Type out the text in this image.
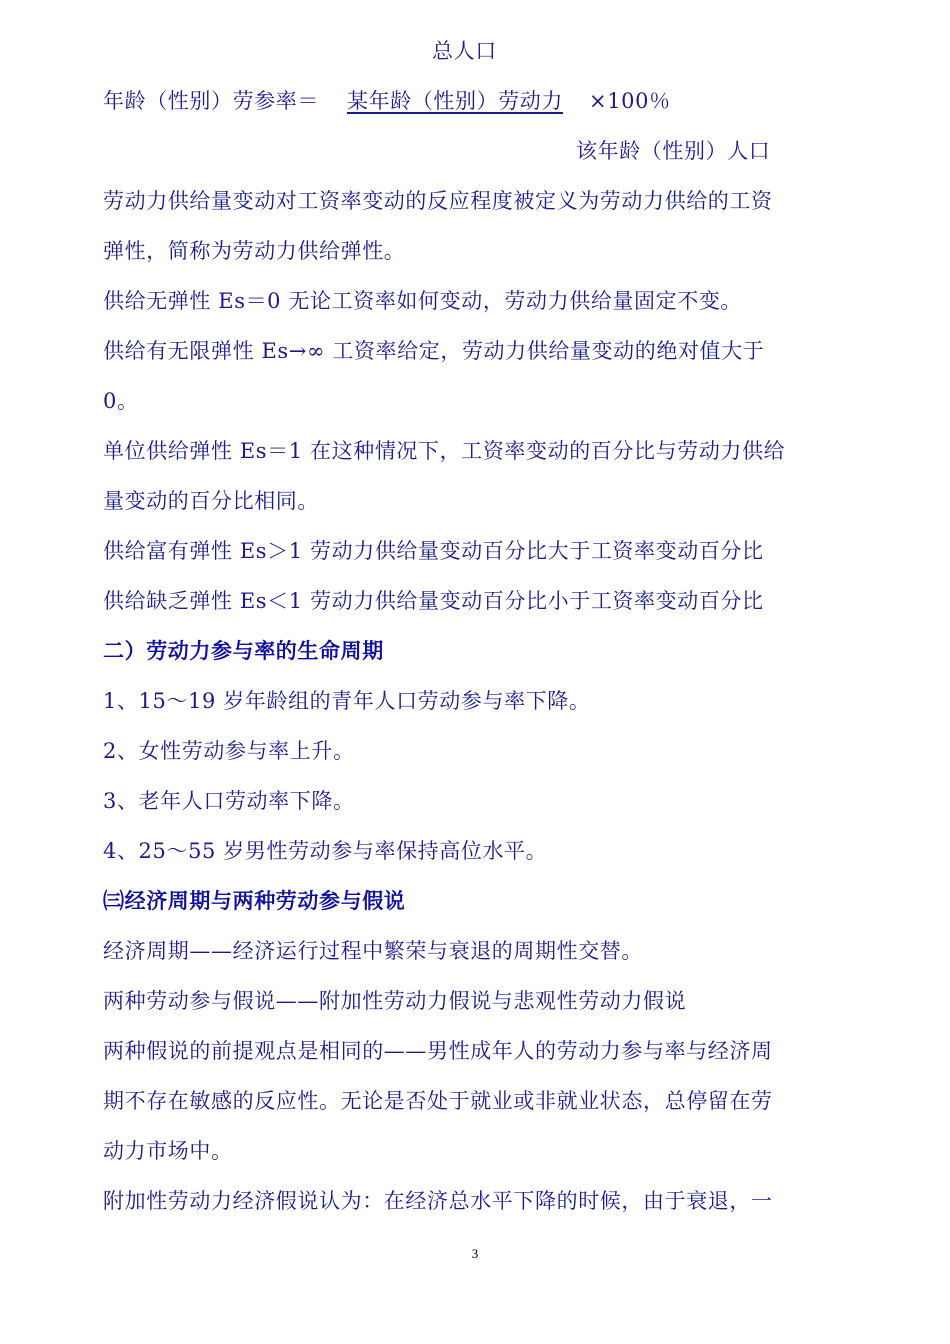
总人口
年龄（性别）劳参率＝ 某年龄（性别）劳动力 ×100％
该年龄（性别）人口
劳动力供给量变动对工资率变动的反应程度被定义为劳动力供给的工资
弹性，简称为劳动力供给弹性。
供给无弹性 Es＝0 无论工资率如何变动，劳动力供给量固定不变。
供给有无限弹性 Es→∞ 工资率给定，劳动力供给量变动的绝对值大于
0。
单位供给弹性 Es＝1 在这种情况下，工资率变动的百分比与劳动力供给
量变动的百分比相同。
供给富有弹性 Es＞1 劳动力供给量变动百分比大于工资率变动百分比
供给缺乏弹性 Es＜1 劳动力供给量变动百分比小于工资率变动百分比
二）劳动力参与率的生命周期
1、15～19 岁年龄组的青年人口劳动参与率下降。
2、女性劳动参与率上升。
3、老年人口劳动率下降。
4、25～55 岁男性劳动参与率保持高位水平。
㈢经济周期与两种劳动参与假说
经济周期——经济运行过程中繁荣与衰退的周期性交替。
两种劳动参与假说——附加性劳动力假说与悲观性劳动力假说
两种假说的前提观点是相同的——男性成年人的劳动力参与率与经济周
期不存在敏感的反应性。无论是否处于就业或非就业状态，总停留在劳
动力市场中。
附加性劳动力经济假说认为：在经济总水平下降的时候，由于衰退，一
3
